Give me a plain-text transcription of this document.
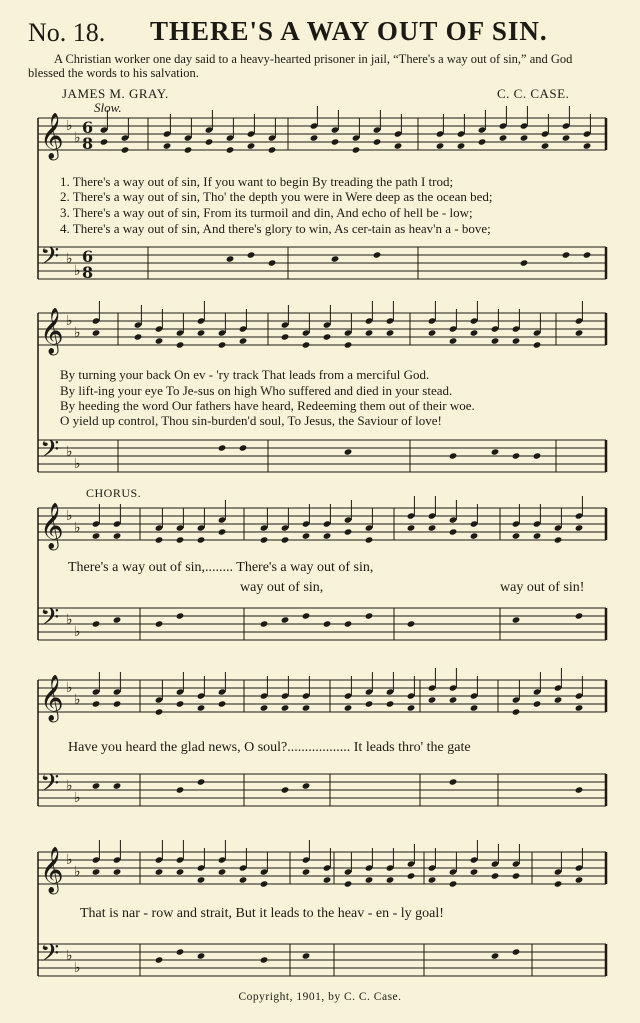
No. 18. THERE'S A WAY OUT OF SIN.
A Christian worker one day said to a heavy-hearted prisoner in jail, “There's a way out of sin,” and God blessed the words to his salvation.
JAMES M. GRAY.	C. C. CASE.
Slow.
𝄞
𝄢
♭
♭
♭
♭
𝄞
𝄢
♭
♭
♭
♭
𝄞
𝄢
♭
♭
♭
♭
𝄞
𝄢
♭
♭
♭
♭
𝄞
𝄢
♭
♭
♭
♭
6
8
6
8
1. There's a way out of sin, If you want to begin By treading the path I trod;
2. There's a way out of sin, Tho' the depth you were in Were deep as the ocean bed;
3. There's a way out of sin, From its turmoil and din, And echo of hell be - low;
4. There's a way out of sin, And there's glory to win, As cer-tain as heav'n a - bove;
By turning your back On ev - 'ry track That leads from a merciful God.
By lift-ing your eye To Je-sus on high Who suffered and died in your stead.
By heeding the word Our fathers have heard, Redeeming them out of their woe.
O yield up control, Thou sin-burden'd soul, To Jesus, the Saviour of love!
CHORUS.
There's a way out of sin,........ There's a way out of sin,
way out of sin,	way out of sin!
Have you heard the glad news, O soul?.................. It leads thro' the gate
That is nar - row and strait, But it leads to the heav - en - ly goal!
Copyright, 1901, by C. C. Case.
